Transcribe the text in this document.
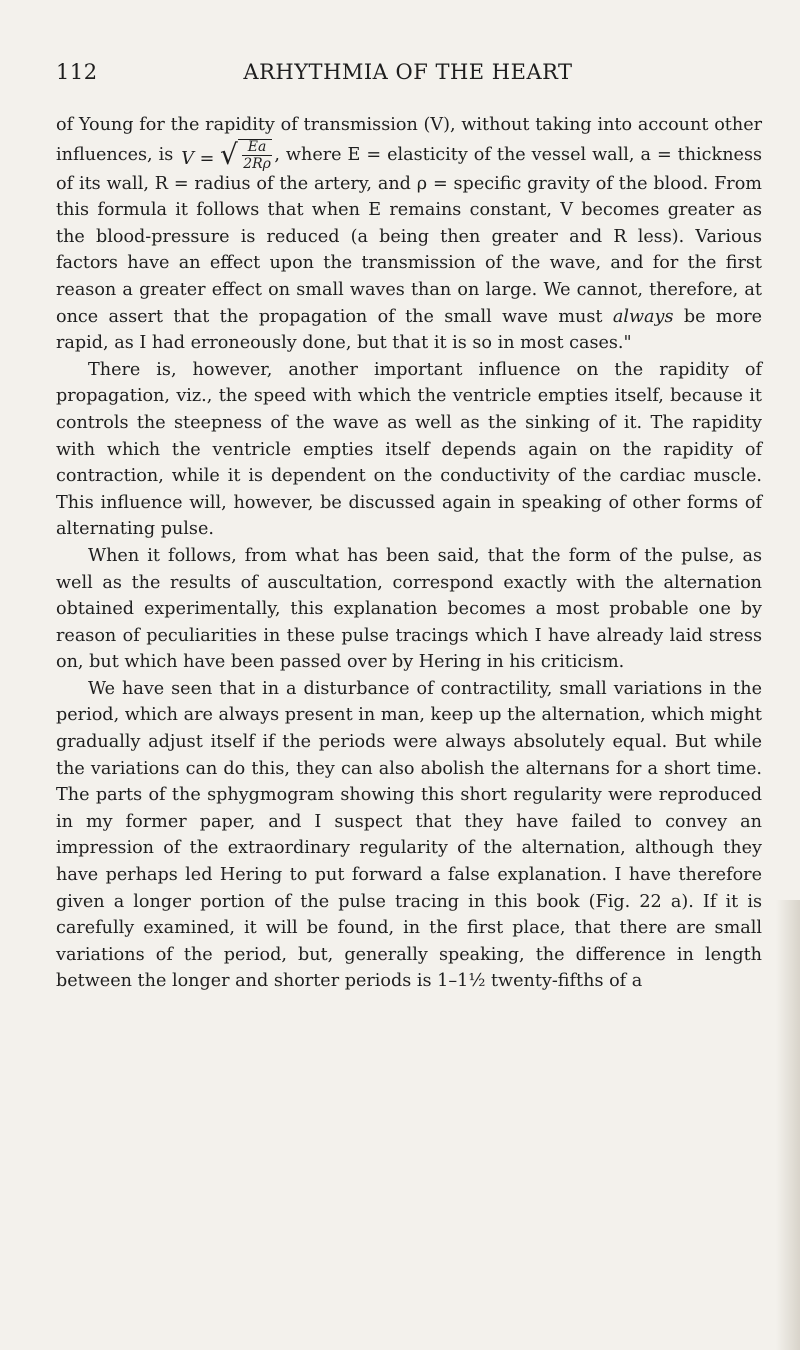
112	ARHYTHMIA OF THE HEART

of Young for the rapidity of transmission (V), without taking into account other influences, is V = √ $\frac{Ea}{2R\rho}$ , where E = elasticity of the vessel wall, a = thickness of its wall, R = radius of the artery, and ρ = specific gravity of the blood. From this formula it follows that when E remains constant, V becomes greater as the blood-pressure is reduced (a being then greater and R less). Various factors have an effect upon the transmission of the wave, and for the first reason a greater effect on small waves than on large. We cannot, therefore, at once assert that the propagation of the small wave must always be more rapid, as I had erroneously done, but that it is so in most cases."

There is, however, another important influence on the rapidity of propagation, viz., the speed with which the ventricle empties itself, because it controls the steepness of the wave as well as the sinking of it. The rapidity with which the ventricle empties itself depends again on the rapidity of contraction, while it is dependent on the conductivity of the cardiac muscle. This influence will, however, be discussed again in speaking of other forms of alternating pulse.

When it follows, from what has been said, that the form of the pulse, as well as the results of auscultation, correspond exactly with the alternation obtained experimentally, this explanation becomes a most probable one by reason of peculiarities in these pulse tracings which I have already laid stress on, but which have been passed over by Hering in his criticism.

We have seen that in a disturbance of contractility, small variations in the period, which are always present in man, keep up the alternation, which might gradually adjust itself if the periods were always absolutely equal. But while the variations can do this, they can also abolish the alternans for a short time. The parts of the sphygmogram showing this short regularity were reproduced in my former paper, and I suspect that they have failed to convey an impression of the extraordinary regularity of the alternation, although they have perhaps led Hering to put forward a false explanation. I have therefore given a longer portion of the pulse tracing in this book (Fig. 22 a). If it is carefully examined, it will be found, in the first place, that there are small variations of the period, but, generally speaking, the difference in length between the longer and shorter periods is 1–1½ twenty-fifths of a
